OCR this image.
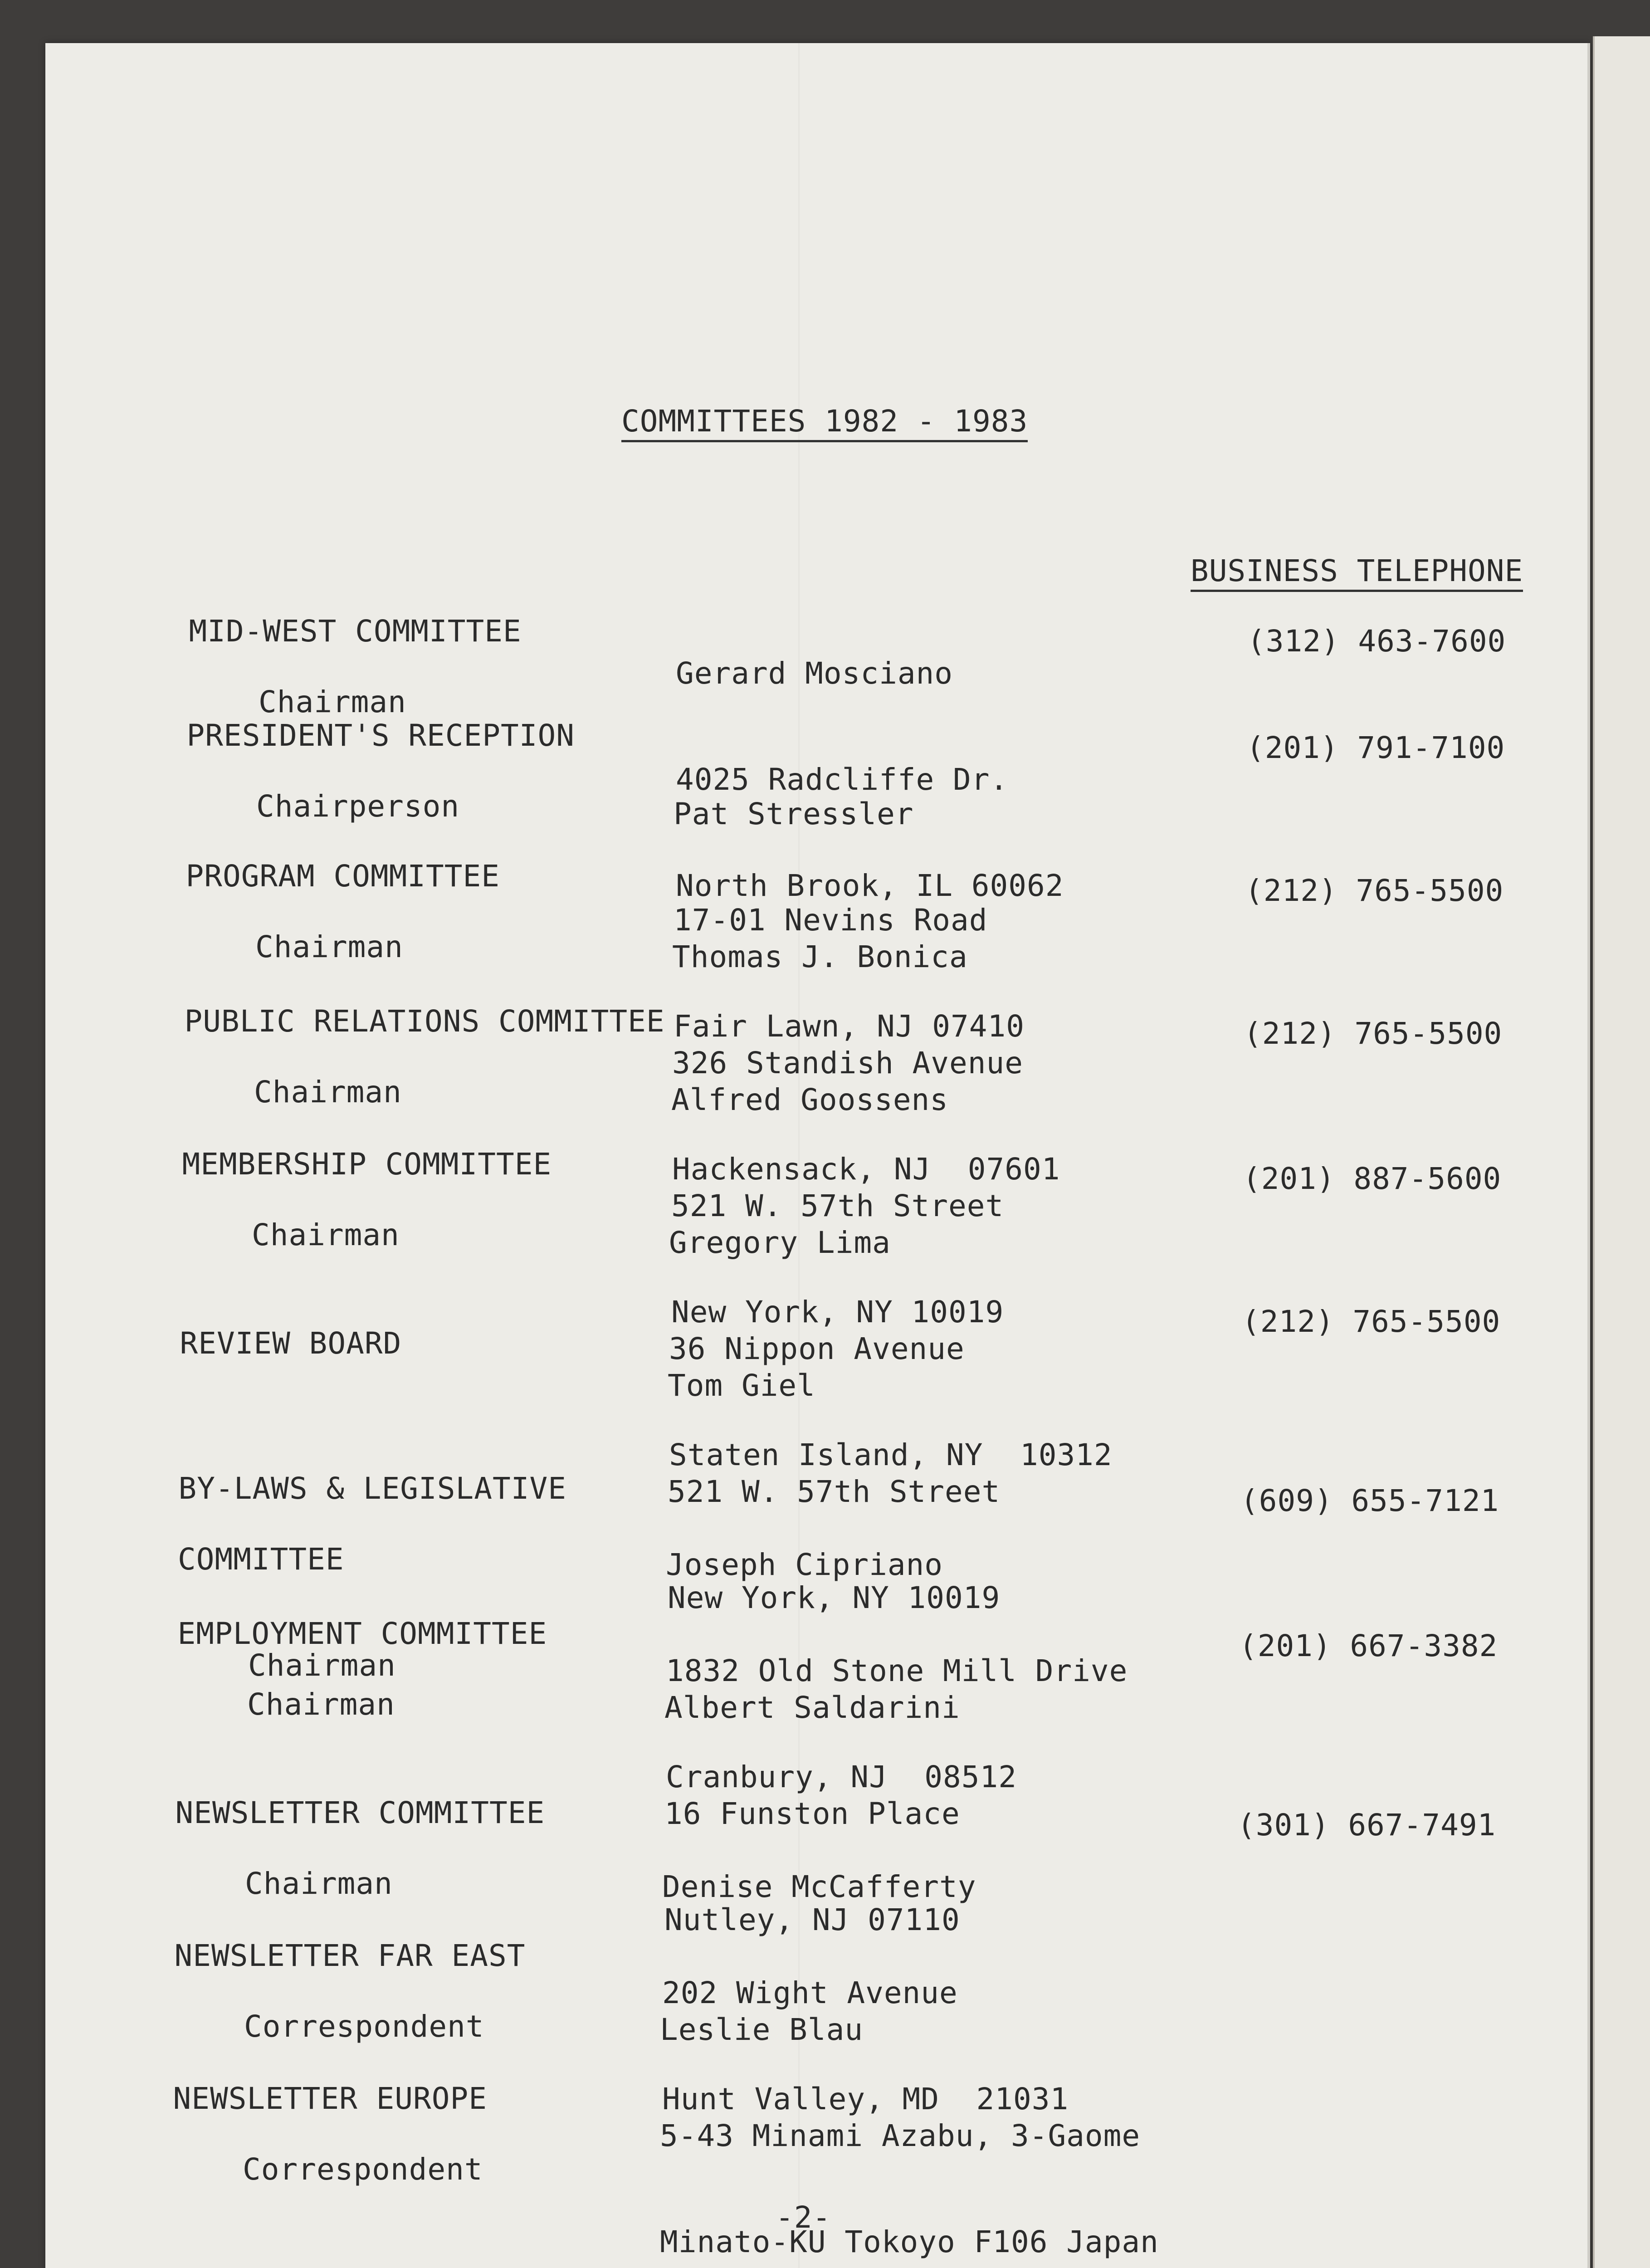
COMMITTEES 1982 - 1983
BUSINESS TELEPHONE

MID-WEST COMMITTEE

Chairman

PRESIDENT'S RECEPTION

Chairperson

PROGRAM COMMITTEE

Chairman

PUBLIC RELATIONS COMMITTEE

Chairman

MEMBERSHIP COMMITTEE

Chairman

REVIEW BOARD

BY-LAWS & LEGISLATIVE

COMMITTEE

Chairman

EMPLOYMENT COMMITTEE

Chairman

NEWSLETTER COMMITTEE

Chairman

NEWSLETTER FAR EAST

Correspondent

NEWSLETTER EUROPE

Correspondent

Gerard Mosciano

4025 Radcliffe Dr.

North Brook, IL 60062

Pat Stressler

17-01 Nevins Road

Fair Lawn, NJ 07410

Thomas J. Bonica

326 Standish Avenue

Hackensack, NJ  07601

Alfred Goossens

521 W. 57th Street

New York, NY 10019

Gregory Lima

36 Nippon Avenue

Staten Island, NY  10312

Tom Giel

521 W. 57th Street

New York, NY 10019

Joseph Cipriano

1832 Old Stone Mill Drive

Cranbury, NJ  08512

Albert Saldarini

16 Funston Place

Nutley, NJ 07110

Denise McCafferty

202 Wight Avenue

Hunt Valley, MD  21031

Leslie Blau

5-43 Minami Azabu, 3-Gaome

Minato-KU Tokoyo F106 Japan

(312) 463-7600
(201) 791-7100
(212) 765-5500
(212) 765-5500
(201) 887-5600
(212) 765-5500
(609) 655-7121
(201) 667-3382
(301) 667-7491
-2-
